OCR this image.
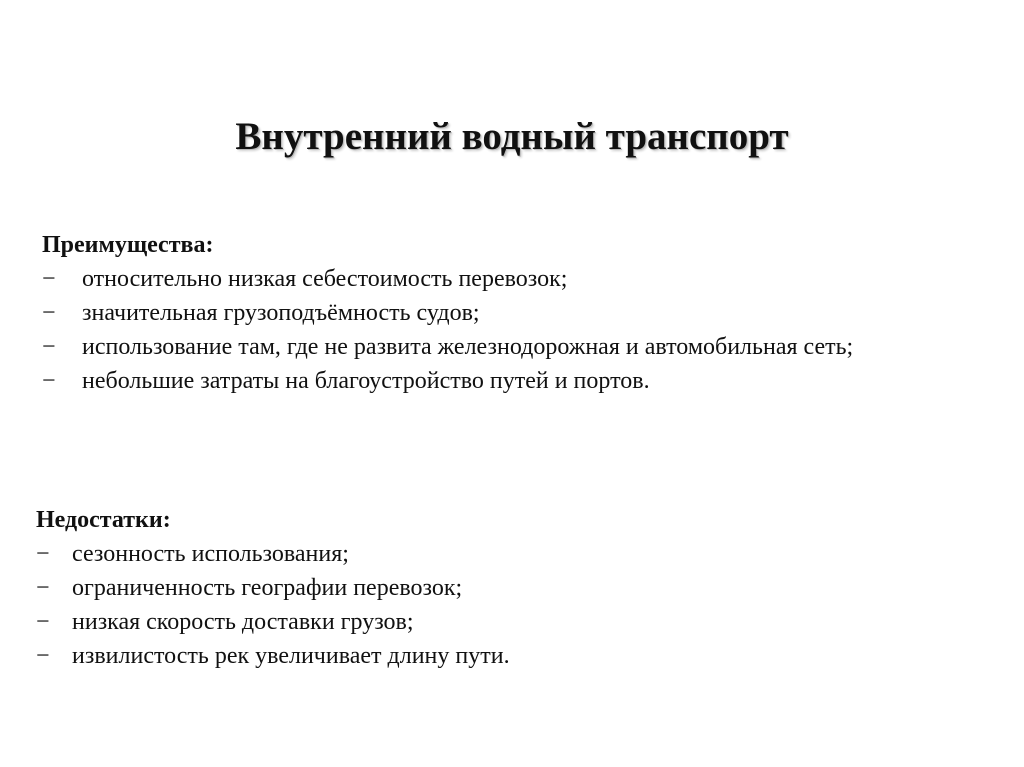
Внутренний водный транспорт
Преимущества:
− относительно низкая себестоимость перевозок;
− значительная грузоподъёмность судов;
− использование там, где не развита железнодорожная и автомобильная сеть;
− небольшие затраты на благоустройство путей и портов.
Недостатки:
− сезонность использования;
− ограниченность географии перевозок;
− низкая скорость доставки грузов;
− извилистость рек увеличивает длину пути.
